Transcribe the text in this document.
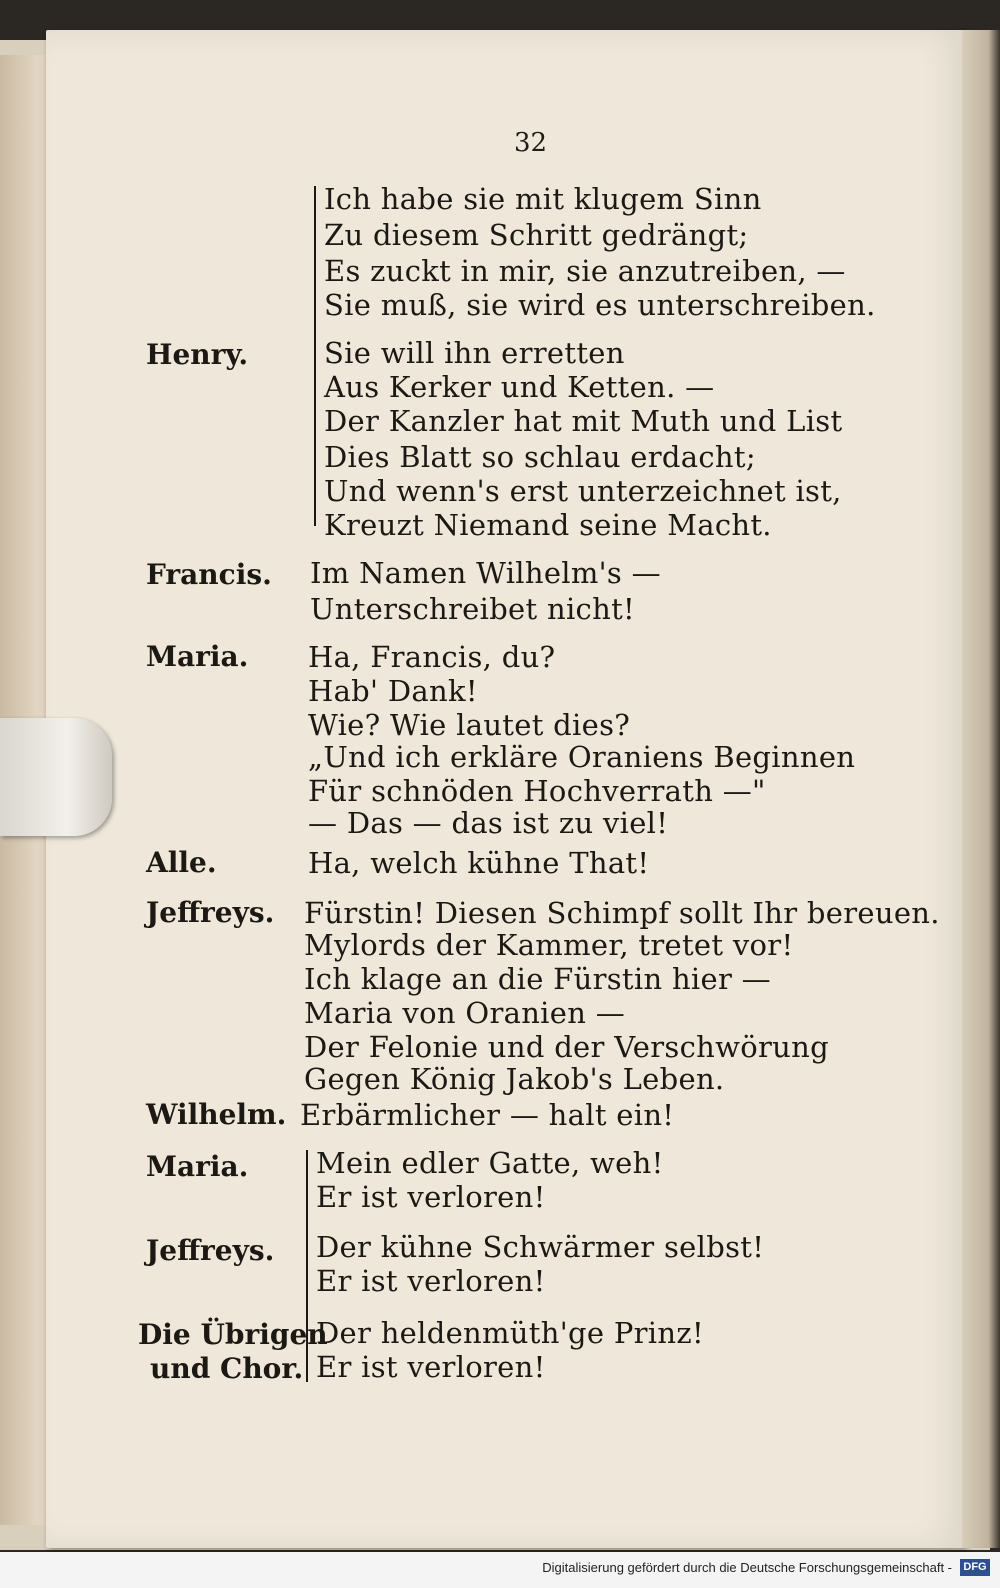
32
Henry.
Francis.
Maria.
Alle.
Jeffreys.
Wilhelm.
Maria.
Jeffreys.
Die Übrigen
und Chor.
Ich habe sie mit klugem Sinn
Zu diesem Schritt gedrängt;
Es zuckt in mir, sie anzutreiben, —
Sie muß, sie wird es unterschreiben.
Sie will ihn erretten
Aus Kerker und Ketten. —
Der Kanzler hat mit Muth und List
Dies Blatt so schlau erdacht;
Und wenn's erst unterzeichnet ist,
Kreuzt Niemand seine Macht.
Im Namen Wilhelm's —
Unterschreibet nicht!
Ha, Francis, du?
Hab' Dank!
Wie? Wie lautet dies?
„Und ich erkläre Oraniens Beginnen
Für schnöden Hochverrath —"
— Das — das ist zu viel!
Ha, welch kühne That!
Fürstin! Diesen Schimpf sollt Ihr bereuen.
Mylords der Kammer, tretet vor!
Ich klage an die Fürstin hier —
Maria von Oranien —
Der Felonie und der Verschwörung
Gegen König Jakob's Leben.
Erbärmlicher — halt ein!
Mein edler Gatte, weh!
Er ist verloren!
Der kühne Schwärmer selbst!
Er ist verloren!
Der heldenmüth'ge Prinz!
Er ist verloren!
Digitalisierung gefördert durch die Deutsche Forschungsgemeinschaft -	DFG
